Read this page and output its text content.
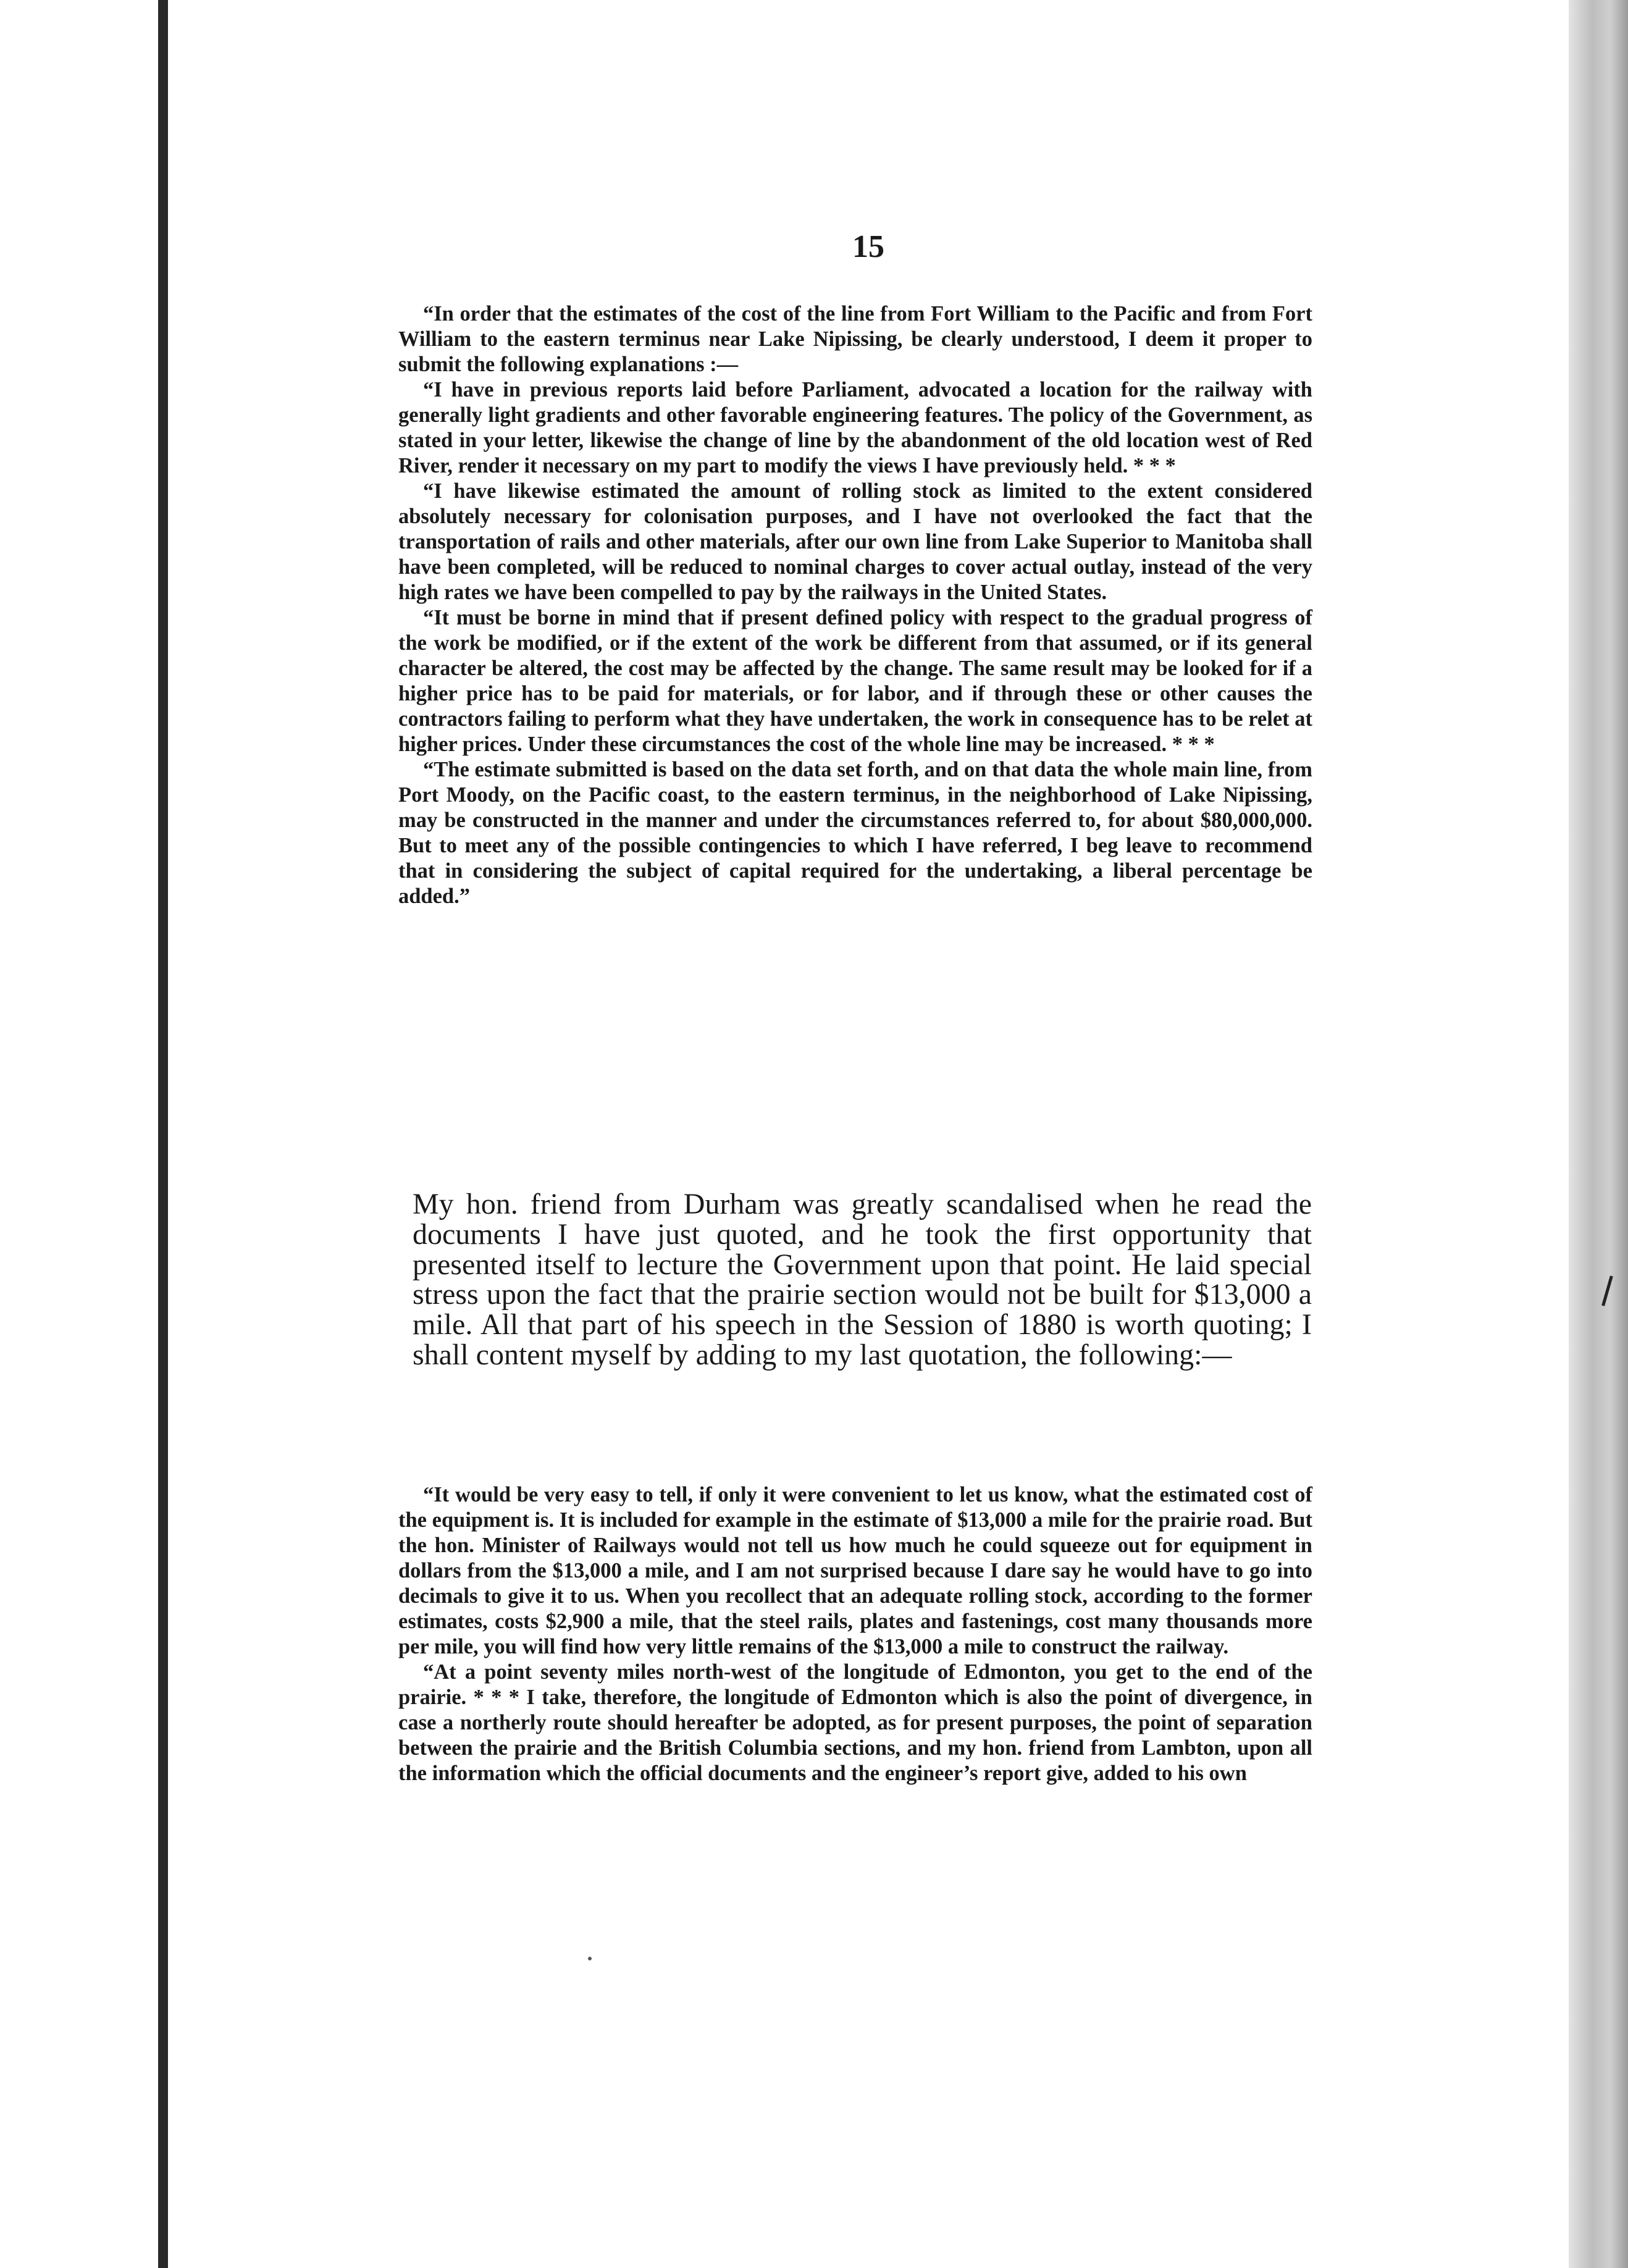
15

“In order that the estimates of the cost of the line from Fort William to the Pacific and from Fort William to the eastern terminus near Lake Nipissing, be clearly understood, I deem it proper to submit the following explanations :—

“I have in previous reports laid before Parliament, advocated a location for the railway with generally light gradients and other favorable engineering features. The policy of the Government, as stated in your letter, likewise the change of line by the abandonment of the old location west of Red River, render it necessary on my part to modify the views I have previously held. * * *

“I have likewise estimated the amount of rolling stock as limited to the extent considered absolutely necessary for colonisation purposes, and I have not overlooked the fact that the transportation of rails and other materials, after our own line from Lake Superior to Manitoba shall have been completed, will be reduced to nominal charges to cover actual outlay, instead of the very high rates we have been compelled to pay by the railways in the United States.

“It must be borne in mind that if present defined policy with respect to the gradual progress of the work be modified, or if the extent of the work be different from that assumed, or if its general character be altered, the cost may be affected by the change. The same result may be looked for if a higher price has to be paid for materials, or for labor, and if through these or other causes the contractors failing to perform what they have undertaken, the work in consequence has to be relet at higher prices. Under these circumstances the cost of the whole line may be increased. * * *

“The estimate submitted is based on the data set forth, and on that data the whole main line, from Port Moody, on the Pacific coast, to the eastern terminus, in the neighborhood of Lake Nipissing, may be constructed in the manner and under the circumstances referred to, for about $80,000,000. But to meet any of the possible contingencies to which I have referred, I beg leave to recommend that in considering the subject of capital required for the undertaking, a liberal percentage be added.”

My hon. friend from Durham was greatly scandalised when he read the documents I have just quoted, and he took the first opportunity that presented itself to lecture the Government upon that point. He laid special stress upon the fact that the prairie section would not be built for $13,000 a mile. All that part of his speech in the Session of 1880 is worth quoting; I shall content myself by adding to my last quotation, the following:—

“It would be very easy to tell, if only it were convenient to let us know, what the estimated cost of the equipment is. It is included for example in the estimate of $13,000 a mile for the prairie road. But the hon. Minister of Railways would not tell us how much he could squeeze out for equipment in dollars from the $13,000 a mile, and I am not surprised because I dare say he would have to go into decimals to give it to us. When you recollect that an adequate rolling stock, according to the former estimates, costs $2,900 a mile, that the steel rails, plates and fastenings, cost many thousands more per mile, you will find how very little remains of the $13,000 a mile to construct the railway.

“At a point seventy miles north-west of the longitude of Edmonton, you get to the end of the prairie. * * * I take, therefore, the longitude of Edmonton which is also the point of divergence, in case a northerly route should hereafter be adopted, as for present purposes, the point of separation between the prairie and the British Columbia sections, and my hon. friend from Lambton, upon all the information which the official documents and the engineer’s report give, added to his own
